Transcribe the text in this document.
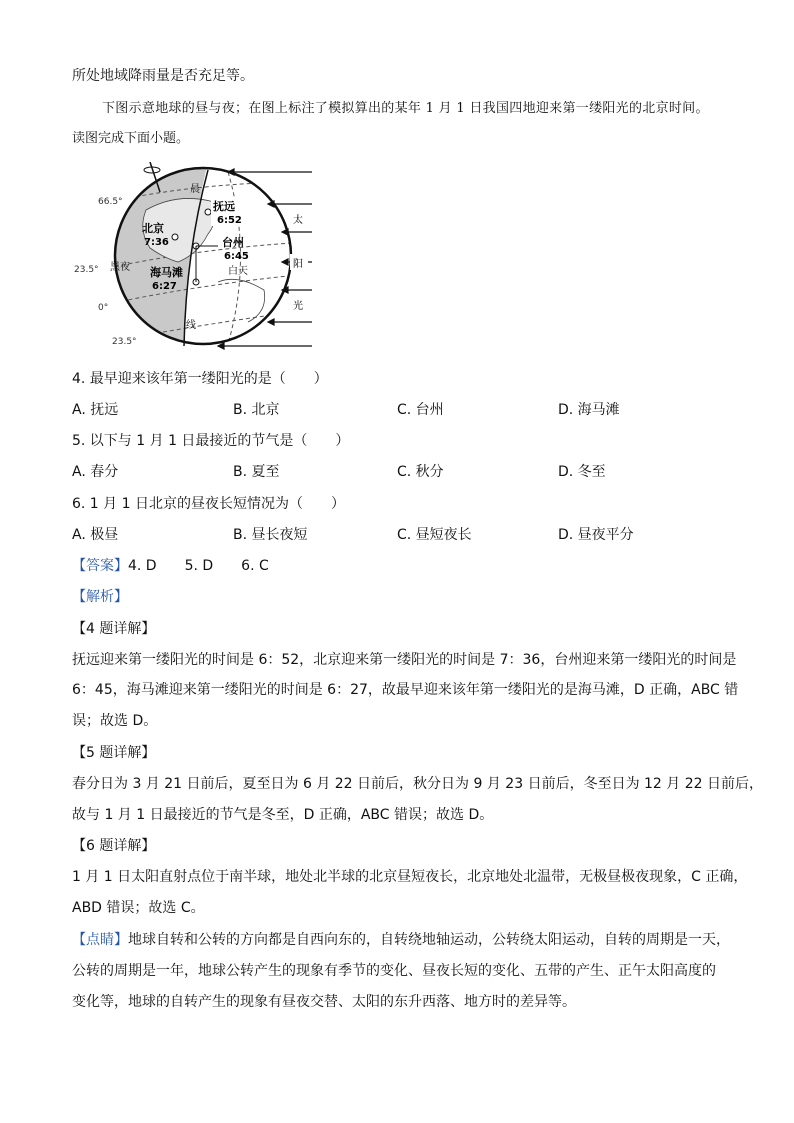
所处地域降雨量是否充足等。
下图示意地球的昼与夜；在图上标注了模拟算出的某年 1 月 1 日我国四地迎来第一缕阳光的北京时间。
读图完成下面小题。
66.5°
23.5°
0°
23.5°
晨
线
黑夜	白天
抚远
6:52
北京
7:36	台州
6:45
海马滩
6:27
太
阳
光
4. 最早迎来该年第一缕阳光的是（　　）
A. 抚远	B. 北京	C. 台州	D. 海马滩
5. 以下与 1 月 1 日最接近的节气是（　　）
A. 春分	B. 夏至	C. 秋分	D. 冬至
6. 1 月 1 日北京的昼夜长短情况为（　　）
A. 极昼	B. 昼长夜短	C. 昼短夜长	D. 昼夜平分
【答案】4. D　　5. D　　6. C
【解析】
【4 题详解】
抚远迎来第一缕阳光的时间是 6：52，北京迎来第一缕阳光的时间是 7：36，台州迎来第一缕阳光的时间是
6：45，海马滩迎来第一缕阳光的时间是 6：27，故最早迎来该年第一缕阳光的是海马滩，D 正确，ABC 错
误；故选 D。
【5 题详解】
春分日为 3 月 21 日前后，夏至日为 6 月 22 日前后，秋分日为 9 月 23 日前后，冬至日为 12 月 22 日前后，
故与 1 月 1 日最接近的节气是冬至，D 正确，ABC 错误；故选 D。
【6 题详解】
1 月 1 日太阳直射点位于南半球，地处北半球的北京昼短夜长，北京地处北温带，无极昼极夜现象，C 正确，
ABD 错误；故选 C。
【点睛】地球自转和公转的方向都是自西向东的，自转绕地轴运动，公转绕太阳运动，自转的周期是一天，
公转的周期是一年，地球公转产生的现象有季节的变化、昼夜长短的变化、五带的产生、正午太阳高度的
变化等，地球的自转产生的现象有昼夜交替、太阳的东升西落、地方时的差异等。
